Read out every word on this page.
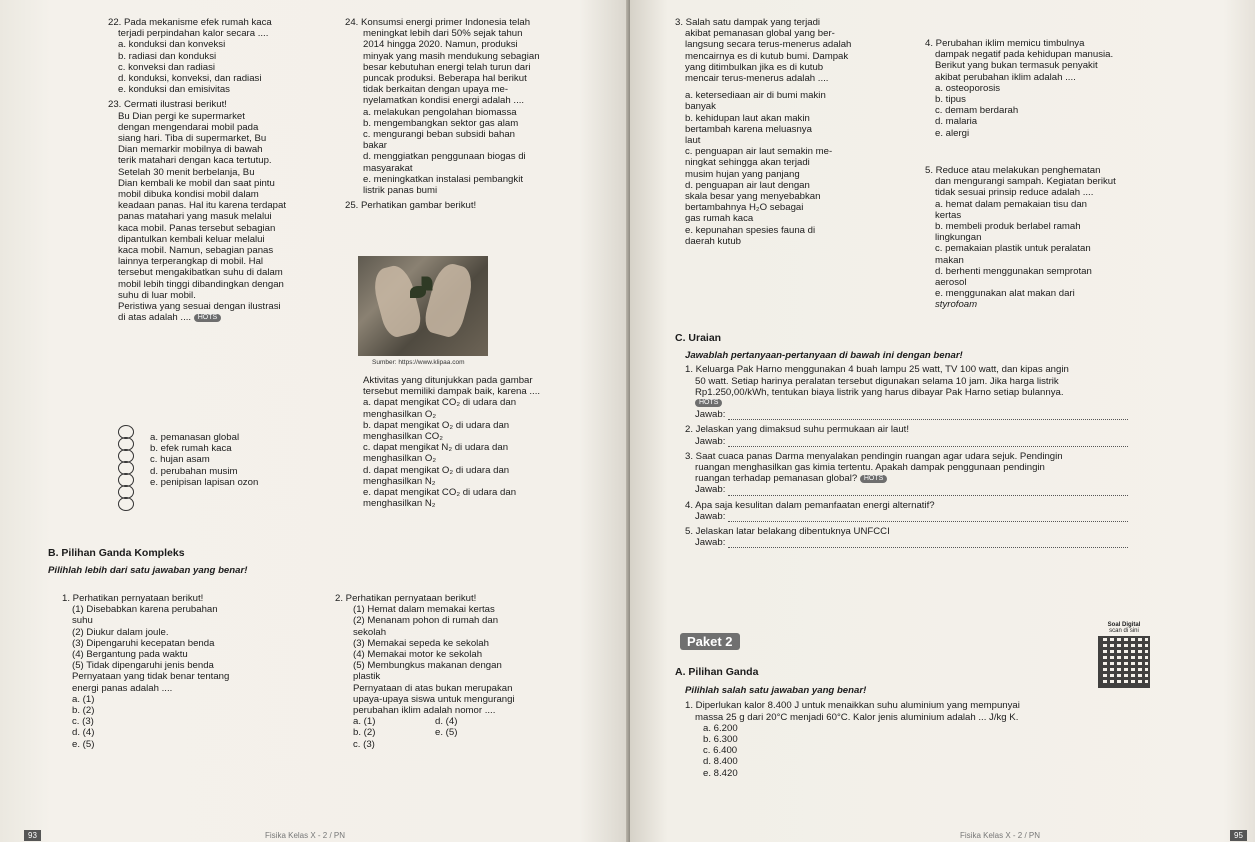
22. Pada mekanisme efek rumah kaca

terjadi perpindahan kalor secara ....

a. konduksi dan konveksi

b. radiasi dan konduksi

c. konveksi dan radiasi

d. konduksi, konveksi, dan radiasi

e. konduksi dan emisivitas

23. Cermati ilustrasi berikut!

Bu Dian pergi ke supermarket

dengan mengendarai mobil pada

siang hari. Tiba di supermarket, Bu

Dian memarkir mobilnya di bawah

terik matahari dengan kaca tertutup.

Setelah 30 menit berbelanja, Bu

Dian kembali ke mobil dan saat pintu

mobil dibuka kondisi mobil dalam

keadaan panas. Hal itu karena terdapat

panas matahari yang masuk melalui

kaca mobil. Panas tersebut sebagian

dipantulkan kembali keluar melalui

kaca mobil. Namun, sebagian panas

lainnya terperangkap di mobil. Hal

tersebut mengakibatkan suhu di dalam

mobil lebih tinggi dibandingkan dengan

suhu di luar mobil.

Peristiwa yang sesuai dengan ilustrasi

di atas adalah .... HOTS

a. pemanasan global

b. efek rumah kaca

c. hujan asam

d. perubahan musim

e. penipisan lapisan ozon

24. Konsumsi energi primer Indonesia telah

meningkat lebih dari 50% sejak tahun

2014 hingga 2020. Namun, produksi

minyak yang masih mendukung sebagian

besar kebutuhan energi telah turun dari

puncak produksi. Beberapa hal berikut

tidak berkaitan dengan upaya me-

nyelamatkan kondisi energi adalah ....

a. melakukan pengolahan biomassa

b. mengembangkan sektor gas alam

c. mengurangi beban subsidi bahan

bakar

d. menggiatkan penggunaan biogas di

masyarakat

e. meningkatkan instalasi pembangkit

listrik panas bumi

25. Perhatikan gambar berikut!

Sumber: https://www.klipaa.com

Aktivitas yang ditunjukkan pada gambar

tersebut memiliki dampak baik, karena ....

a. dapat mengikat CO₂ di udara dan

menghasilkan O₂

b. dapat mengikat O₂ di udara dan

menghasilkan CO₂

c. dapat mengikat N₂ di udara dan

menghasilkan O₂

d. dapat mengikat O₂ di udara dan

menghasilkan N₂

e. dapat mengikat CO₂ di udara dan

menghasilkan N₂

B. Pilihan Ganda Kompleks

Pilihlah lebih dari satu jawaban yang benar!

1. Perhatikan pernyataan berikut!

(1) Disebabkan karena perubahan

suhu

(2) Diukur dalam joule.

(3) Dipengaruhi kecepatan benda

(4) Bergantung pada waktu

(5) Tidak dipengaruhi jenis benda

Pernyataan yang tidak benar tentang

energi panas adalah ....

a. (1)

b. (2)

c. (3)

d. (4)

e. (5)

2. Perhatikan pernyataan berikut!

(1) Hemat dalam memakai kertas

(2) Menanam pohon di rumah dan

sekolah

(3) Memakai sepeda ke sekolah

(4) Memakai motor ke sekolah

(5) Membungkus makanan dengan

plastik

Pernyataan di atas bukan merupakan

upaya-upaya siswa untuk mengurangi

perubahan iklim adalah nomor ....

a. (1)

b. (2)

c. (3)

d. (4)

e. (5)

Fisika Kelas X - 2 / PN
93

3. Salah satu dampak yang terjadi

akibat pemanasan global yang ber-

langsung secara terus-menerus adalah

mencairnya es di kutub bumi. Dampak

yang ditimbulkan jika es di kutub

mencair terus-menerus adalah ....

a. ketersediaan air di bumi makin

banyak

b. kehidupan laut akan makin

bertambah karena meluasnya

laut

c. penguapan air laut semakin me-

ningkat sehingga akan terjadi

musim hujan yang panjang

d. penguapan air laut dengan

skala besar yang menyebabkan

bertambahnya H₂O sebagai

gas rumah kaca

e. kepunahan spesies fauna di

daerah kutub

4. Perubahan iklim memicu timbulnya

dampak negatif pada kehidupan manusia.

Berikut yang bukan termasuk penyakit

akibat perubahan iklim adalah ....

a. osteoporosis

b. tipus

c. demam berdarah

d. malaria

e. alergi

5. Reduce atau melakukan penghematan

dan mengurangi sampah. Kegiatan berikut

tidak sesuai prinsip reduce adalah ....

a. hemat dalam pemakaian tisu dan

kertas

b. membeli produk berlabel ramah

lingkungan

c. pemakaian plastik untuk peralatan

makan

d. berhenti menggunakan semprotan

aerosol

e. menggunakan alat makan dari

styrofoam

C. Uraian

Jawablah pertanyaan-pertanyaan di bawah ini dengan benar!

1. Keluarga Pak Harno menggunakan 4 buah lampu 25 watt, TV 100 watt, dan kipas angin

50 watt. Setiap harinya peralatan tersebut digunakan selama 10 jam. Jika harga listrik

Rp1.250,00/kWh, tentukan biaya listrik yang harus dibayar Pak Harno setiap bulannya.

HOTS

Jawab:

2. Jelaskan yang dimaksud suhu permukaan air laut!

Jawab:

3. Saat cuaca panas Darma menyalakan pendingin ruangan agar udara sejuk. Pendingin

ruangan menghasilkan gas kimia tertentu. Apakah dampak penggunaan pendingin

ruangan terhadap pemanasan global? HOTS

Jawab:

4. Apa saja kesulitan dalam pemanfaatan energi alternatif?

Jawab:

5. Jelaskan latar belakang dibentuknya UNFCCI

Jawab:

Soal Digital
scan di sini

A. Pilihan Ganda

Pilihlah salah satu jawaban yang benar!

1. Diperlukan kalor 8.400 J untuk menaikkan suhu aluminium yang mempunyai

massa 25 g dari 20°C menjadi 60°C. Kalor jenis aluminium adalah ... J/kg K.

a. 6.200

b. 6.300

c. 6.400

d. 8.400

e. 8.420

Fisika Kelas X - 2 / PN	95
Paket 2
